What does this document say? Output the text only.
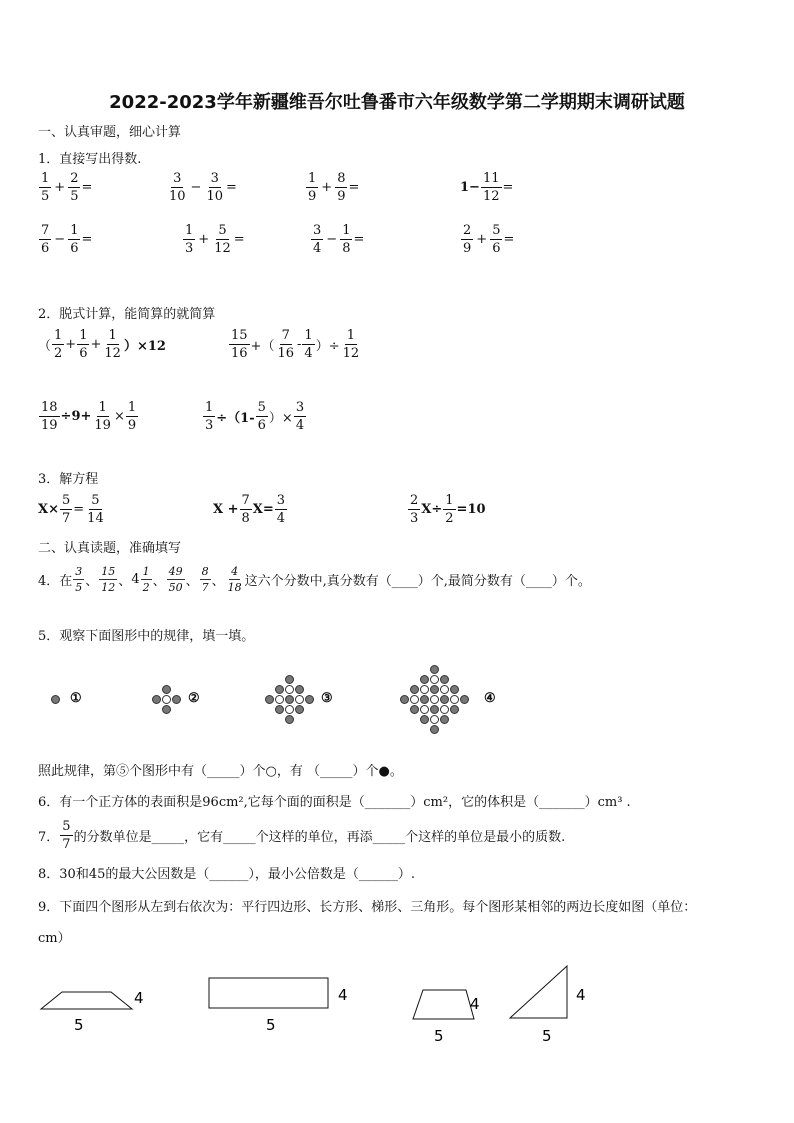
2022-2023学年新疆维吾尔吐鲁番市六年级数学第二学期期末调研试题
一、认真审题，细心计算
1．直接写出得数.
$\frac{1}{5} + \frac{2}{5}$ =	$\frac{3}{10} - \frac{3}{10}$ =	$\frac{1}{9} + \frac{8}{9}$ =	$1- \frac{11}{12}$ =
$\frac{7}{6} - \frac{1}{6}$ =	$\frac{1}{3} + \frac{5}{12}$ =	$\frac{3}{4} - \frac{1}{8}$ =	$\frac{2}{9} + \frac{5}{6}$ =
2．脱式计算，能简算的就简算
（ $\frac{1}{2} + \frac{1}{6} + \frac{1}{12} )\times 12$	$\frac{15}{16}$ +（ $\frac{7}{16} - \frac{1}{4}$ ）÷ $\frac{1}{12}$
$\frac{18}{19} \div 9+ \frac{1}{19} \times \frac{1}{9}$	$\frac{1}{3} \div(1- \frac{5}{6}$ ）× $\frac{3}{4}$
3．解方程
$X\times \frac{5}{7} = \frac{5}{14}$	$X + \frac{7}{8} X= \frac{3}{4}$	$\frac{2}{3} X\div \frac{1}{2} =10$
二、认真读题，准确填写
4．在 $\frac{3}{5}$ 、 $\frac{15}{12}$ 、 $4 \frac{1}{2}$ 、 $\frac{49}{50}$ 、 $\frac{8}{7}$ 、 $\frac{4}{18}$ 这六个分数中,真分数有（____）个,最简分数有（____）个。
5．观察下面图形中的规律，填一填。
①	②	③	④
照此规律，第⑤个图形中有（_____）个○，有 （_____）个●。
6．有一个正方体的表面积是96cm²,它每个面的面积是（_______）cm²，它的体积是（_______）cm³ .
7． $\frac{5}{7}$ 的分数单位是_____，它有_____个这样的单位，再添_____个这样的单位是最小的质数.
8．30和45的最大公因数是（______），最小公倍数是（______）.
9．下面四个图形从左到右依次为：平行四边形、长方形、梯形、三角形。每个图形某相邻的两边长度如图（单位：
cm）
4
5
4
5
4
5
4
5
